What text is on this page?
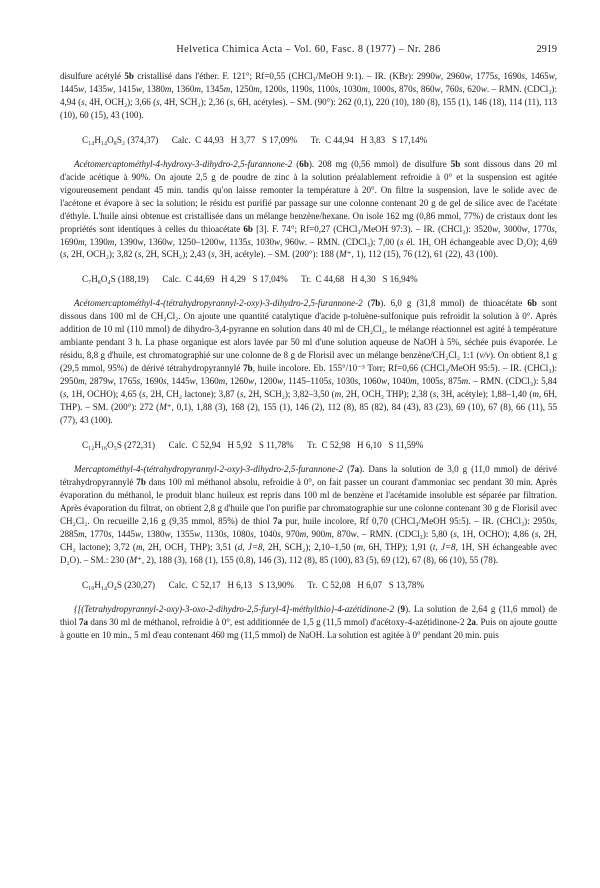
Helvetica Chimica Acta – Vol. 60, Fasc. 8 (1977) – Nr. 286	2919

disulfure acétylé 5b cristallisé dans l'éther. F. 121°; Rf=0,55 (CHCl₃/MeOH 9:1). – IR. (KBr): 2990w, 2960w, 1775s, 1690s, 1465w, 1445w, 1435w, 1415w, 1380m, 1360m, 1345m, 1250m, 1200s, 1190s, 1100s, 1030m, 1000s, 870s, 860w, 760s, 620w. – RMN. (CDCl₃): 4,94 (s, 4H, OCH₂); 3,66 (s, 4H, SCH₂); 2,36 (s, 6H, acétyles). – SM. (90°): 262 (0,1), 220 (10), 180 (8), 155 (1), 146 (18), 114 (11), 113 (10), 60 (15), 43 (100).

C₁₄H₁₄O₈S₂ (374,37)      Calc.  C 44,93   H 3,77   S 17,09%      Tr.  C 44,94   H 3,83   S 17,14%

Acétomercaptométhyl-4-hydroxy-3-dihydro-2,5-furannone-2 (6b). 208 mg (0,56 mmol) de disulfure 5b sont dissous dans 20 ml d'acide acétique à 90%. On ajoute 2,5 g de poudre de zinc à la solution préalablement refroidie à 0° et la suspension est agitée vigoureusement pendant 45 min. tandis qu'on laisse remonter la température à 20°. On filtre la suspension, lave le solide avec de l'acétone et évapore à sec la solution; le résidu est purifié par passage sur une colonne contenant 20 g de gel de silice avec de l'acétate d'éthyle. L'huile ainsi obtenue est cristallisée dans un mélange benzène/hexane. On isole 162 mg (0,86 mmol, 77%) de cristaux dont les propriétés sont identiques à celles du thioacétate 6b [3]. F. 74°; Rf=0,27 (CHCl₃/MeOH 97:3). – IR. (CHCl₃): 3520w, 3000w, 1770s, 1690m, 1390m, 1390w, 1360w, 1250–1200w, 1135s, 1030w, 960w. – RMN. (CDCl₃): 7,00 (s él. 1H, OH échangeable avec D₂O); 4,69 (s, 2H, OCH₂); 3,82 (s, 2H, SCH₂); 2,43 (s, 3H, acétyle). – SM. (200°): 188 (M⁺, 1), 112 (15), 76 (12), 61 (22), 43 (100).

C₇H₈O₄S (188,19)      Calc.  C 44,69   H 4,29   S 17,04%      Tr.  C 44,68   H 4,30   S 16,94%

Acétomercaptométhyl-4-(tétrahydropyrannyl-2-oxy)-3-dihydro-2,5-furannone-2 (7b). 6,0 g (31,8 mmol) de thioacétate 6b sont dissous dans 100 ml de CH₂Cl₂. On ajoute une quantité catalytique d'acide p-toluène-sulfonique puis refroidit la solution à 0°. Après addition de 10 ml (110 mmol) de dihydro-3,4-pyranne en solution dans 40 ml de CH₂Cl₂, le mélange réactionnel est agité à température ambiante pendant 3 h. La phase organique est alors lavée par 50 ml d'une solution aqueuse de NaOH à 5%, séchée puis évaporée. Le résidu, 8,8 g d'huile, est chromatographié sur une colonne de 8 g de Florisil avec un mélange benzène/CH₂Cl₂ 1:1 (v/v). On obtient 8,1 g (29,5 mmol, 95%) de dérivé tétrahydropyrannylé 7b, huile incolore. Eb. 155°/10⁻³ Torr; Rf=0,66 (CHCl₃/MeOH 95:5). – IR. (CHCl₃): 2950m, 2879w, 1765s, 1690s, 1445w, 1360m, 1260w, 1200w, 1145–1105s, 1030s, 1060w, 1040m, 1005s, 875m. – RMN. (CDCl₃): 5,84 (s, 1H, OCHO); 4,65 (s, 2H, CH₂ lactone); 3,87 (s, 2H, SCH₂); 3,82–3,50 (m, 2H, OCH₂ THP); 2,38 (s, 3H, acétyle); 1,88–1,40 (m, 6H, THP). – SM. (200°): 272 (M⁺, 0,1), 1,88 (3), 168 (2), 155 (1), 146 (2), 112 (8), 85 (82), 84 (43), 83 (23), 69 (10), 67 (8), 66 (11), 55 (77), 43 (100).

C₁₂H₁₆O₅S (272,31)      Calc.  C 52,94   H 5,92   S 11,78%      Tr.  C 52,98   H 6,10   S 11,59%

Mercaptométhyl-4-(tétrahydropyrannyl-2-oxy)-3-dihydro-2,5-furannone-2 (7a). Dans la solution de 3,0 g (11,0 mmol) de dérivé tétrahydropyrannylé 7b dans 100 ml méthanol absolu, refroidie à 0°, on fait passer un courant d'ammoniac sec pendant 30 min. Après évaporation du méthanol, le produit blanc huileux est repris dans 100 ml de benzène et l'acétamide insoluble est séparée par filtration. Après évaporation du filtrat, on obtient 2,8 g d'huile que l'on purifie par chromatographie sur une colonne contenant 30 g de Florisil avec CH₂Cl₂. On recueille 2,16 g (9,35 mmol, 85%) de thiol 7a pur, huile incolore, Rf 0,70 (CHCl₃/MeOH 95:5). – IR. (CHCl₃): 2950s, 2885m, 1770s, 1445w, 1380w, 1355w, 1130s, 1080s, 1040s, 970m, 900m, 870w. – RMN. (CDCl₃): 5,80 (s, 1H, OCHO); 4,86 (s, 2H, CH₂ lactone); 3,72 (m, 2H, OCH₂ THP); 3,51 (d, J=8, 2H, SCH₂); 2,10–1,50 (m, 6H, THP); 1,91 (t, J=8, 1H, SH échangeable avec D₂O). – SM.: 230 (M⁺, 2), 188 (3), 168 (1), 155 (0,8), 146 (3), 112 (8), 85 (100), 83 (5), 69 (12), 67 (8), 66 (10), 55 (78).

C₁₀H₁₄O₄S (230,27)      Calc.  C 52,17   H 6,13   S 13,90%      Tr.  C 52,08   H 6,07   S 13,78%

{[(Tetrahydropyrannyl-2-oxy)-3-oxo-2-dihydro-2,5-furyl-4]-méthylthio}-4-azétidinone-2 (9). La solution de 2,64 g (11,6 mmol) de thiol 7a dans 30 ml de méthanol, refroidie à 0°, est additionnée de 1,5 g (11,5 mmol) d'acétoxy-4-azétidinone-2 2a. Puis on ajoute goutte à goutte en 10 min., 5 ml d'eau contenant 460 mg (11,5 mmol) de NaOH. La solution est agitée à 0° pendant 20 min. puis
